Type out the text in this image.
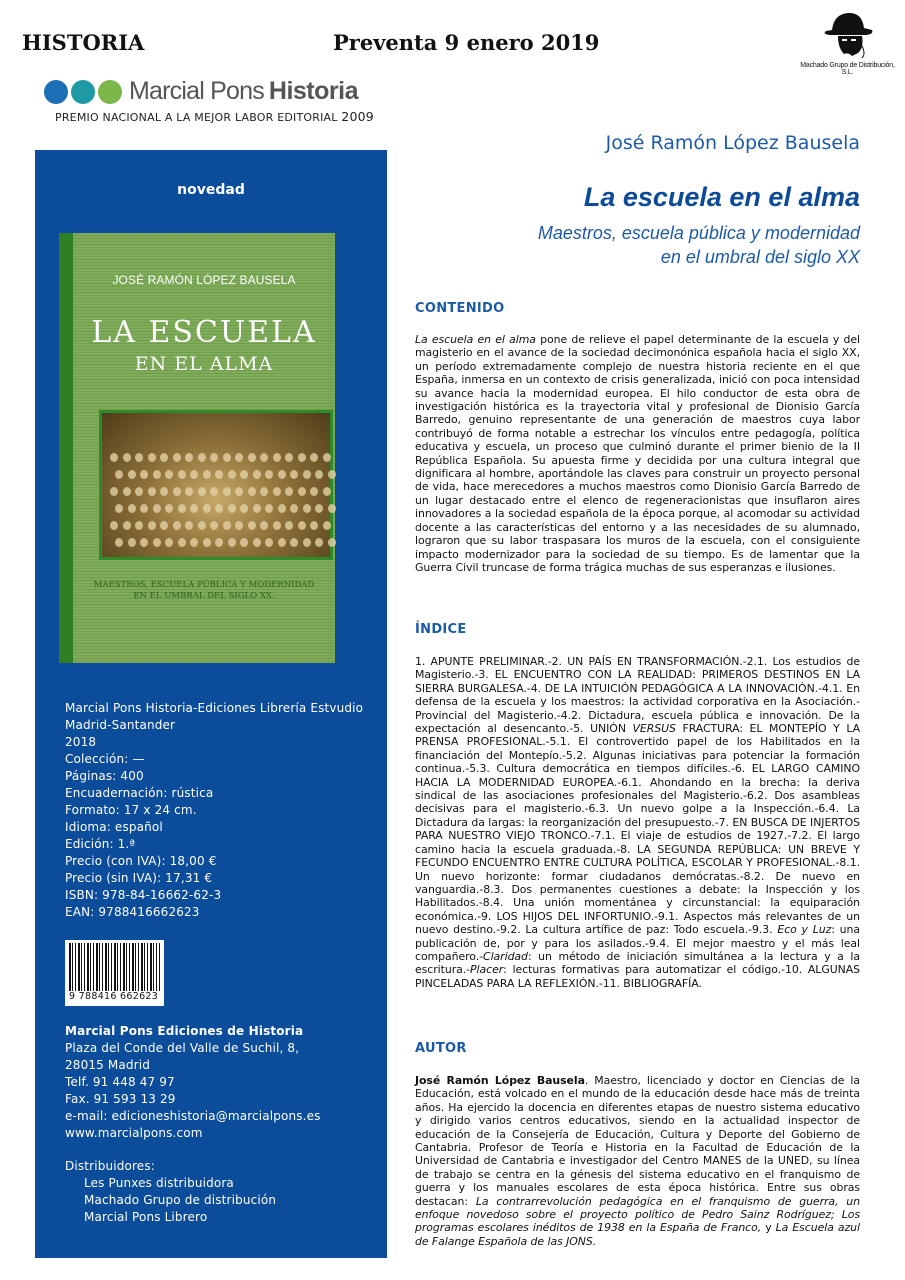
HISTORIA	Preventa 9 enero 2019
Machado Grupo de Distribución, S.L.
Marcial Pons Historia
PREMIO NACIONAL A LA MEJOR LABOR EDITORIAL 2009
novedad
JOSÉ RAMÓN LÓPEZ BAUSELA
LA ESCUELA
EN EL ALMA
MAESTROS, ESCUELA PÚBLICA Y MODERNIDAD
EN EL UMBRAL DEL SIGLO XX.
Marcial Pons Historia-Ediciones Librería Estvudio
Madrid-Santander
2018
Colección: —
Páginas: 400
Encuadernación: rústica
Formato: 17 x 24 cm.
Idioma: español
Edición: 1.ª
Precio (con IVA): 18,00 €
Precio (sin IVA): 17,31 €
ISBN: 978-84-16662-62-3
EAN: 9788416662623
9 788416 662623
Marcial Pons Ediciones de Historia
Plaza del Conde del Valle de Suchil, 8,
28015 Madrid
Telf. 91 448 47 97
Fax. 91 593 13 29
e-mail: edicioneshistoria@marcialpons.es
www.marcialpons.com
Distribuidores:
Les Punxes distribuidora
Machado Grupo de distribución
Marcial Pons Librero
José Ramón López Bausela
La escuela en el alma
Maestros, escuela pública y modernidad
en el umbral del siglo XX
CONTENIDO
La escuela en el alma pone de relieve el papel determinante de la escuela y del magisterio en el avance de la sociedad decimonónica española hacia el siglo XX, un período extremadamente complejo de nuestra historia reciente en el que España, inmersa en un contexto de crisis generalizada, inició con poca intensidad su avance hacia la modernidad europea. El hilo conductor de esta obra de investigación histórica es la trayectoria vital y profesional de Dionisio García Barredo, genuino representante de una generación de maestros cuya labor contribuyó de forma notable a estrechar los vínculos entre pedagogía, política educativa y escuela, un proceso que culminó durante el primer bienio de la II República Española. Su apuesta firme y decidida por una cultura integral que dignificara al hombre, aportándole las claves para construir un proyecto personal de vida, hace merecedores a muchos maestros como Dionisio García Barredo de un lugar destacado entre el elenco de regeneracionistas que insuflaron aires innovadores a la sociedad española de la época porque, al acomodar su actividad docente a las características del entorno y a las necesidades de su alumnado, lograron que su labor traspasara los muros de la escuela, con el consiguiente impacto modernizador para la sociedad de su tiempo. Es de lamentar que la Guerra Civil truncase de forma trágica muchas de sus esperanzas e ilusiones.
ÍNDICE
1. APUNTE PRELIMINAR.-2. UN PAÍS EN TRANSFORMACIÓN.-2.1. Los estudios de Magisterio.-3. EL ENCUENTRO CON LA REALIDAD: PRIMEROS DESTINOS EN LA SIERRA BURGALESA.-4. DE LA INTUICIÓN PEDAGÓGICA A LA INNOVACIÓN.-4.1. En defensa de la escuela y los maestros: la actividad corporativa en la Asociación.-Provincial del Magisterio.-4.2. Dictadura, escuela pública e innovación. De la expectación al desencanto.-5. UNIÓN VERSUS FRACTURA: EL MONTEPÍO Y LA PRENSA PROFESIONAL.-5.1. El controvertido papel de los Habilitados en la financiación del Montepío.-5.2. Algunas iniciativas para potenciar la formación continua.-5.3. Cultura democrática en tiempos difíciles.-6. EL LARGO CAMINO HACIA LA MODERNIDAD EUROPEA.-6.1. Ahondando en la brecha: la deriva sindical de las asociaciones profesionales del Magisterio.-6.2. Dos asambleas decisivas para el magisterio.-6.3. Un nuevo golpe a la Inspección.-6.4. La Dictadura da largas: la reorganización del presupuesto.-7. EN BUSCA DE INJERTOS PARA NUESTRO VIEJO TRONCO.-7.1. El viaje de estudios de 1927.-7.2. El largo camino hacia la escuela graduada.-8. LA SEGUNDA REPÚBLICA: UN BREVE Y FECUNDO ENCUENTRO ENTRE CULTURA POLÍTICA, ESCOLAR Y PROFESIONAL.-8.1. Un nuevo horizonte: formar ciudadanos demócratas.-8.2. De nuevo en vanguardia.-8.3. Dos permanentes cuestiones a debate: la Inspección y los Habilitados.-8.4. Una unión momentánea y circunstancial: la equiparación económica.-9. LOS HIJOS DEL INFORTUNIO.-9.1. Aspectos más relevantes de un nuevo destino.-9.2. La cultura artífice de paz: Todo escuela.-9.3. Eco y Luz: una publicación de, por y para los asilados.-9.4. El mejor maestro y el más leal compañero.-Claridad: un método de iniciación simultánea a la lectura y a la escritura.-Placer: lecturas formativas para automatizar el código.-10. ALGUNAS PINCELADAS PARA LA REFLEXIÓN.-11. BIBLIOGRAFÍA.
AUTOR
José Ramón López Bausela. Maestro, licenciado y doctor en Ciencias de la Educación, está volcado en el mundo de la educación desde hace más de treinta años. Ha ejercido la docencia en diferentes etapas de nuestro sistema educativo y dirigido varios centros educativos, siendo en la actualidad inspector de educación de la Consejería de Educación, Cultura y Deporte del Gobierno de Cantabria. Profesor de Teoría e Historia en la Facultad de Educación de la Universidad de Cantabria e investigador del Centro MANES de la UNED, su línea de trabajo se centra en la génesis del sistema educativo en el franquismo de guerra y los manuales escolares de esta época histórica. Entre sus obras destacan: La contrarrevolución pedagógica en el franquismo de guerra, un enfoque novedoso sobre el proyecto político de Pedro Sainz Rodríguez; Los programas escolares inéditos de 1938 en la España de Franco, y La Escuela azul de Falange Española de las JONS.
